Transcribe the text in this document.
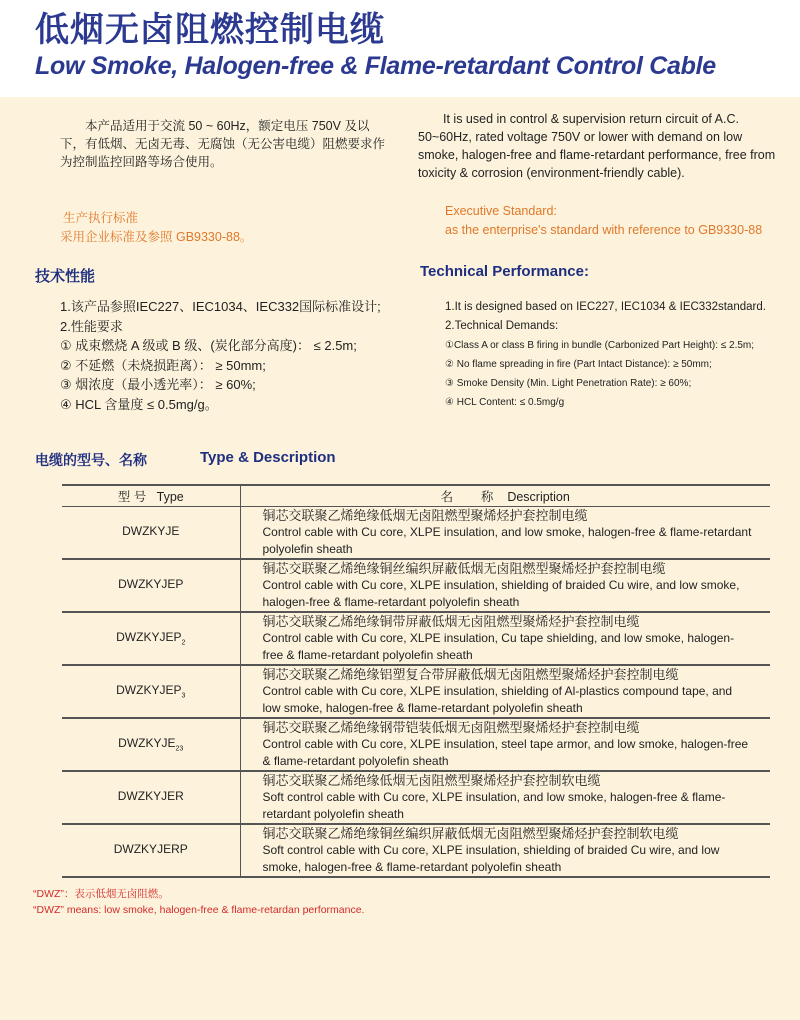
低烟无卤阻燃控制电缆
Low Smoke, Halogen-free & Flame-retardant Control Cable
本产品适用于交流 50 ~ 60Hz，额定电压 750V 及以下，有低烟、无卤无毒、无腐蚀（无公害电缆）阻燃要求作为控制监控回路等场合使用。
It is used in control & supervision return circuit of A.C. 50~60Hz, rated voltage 750V or lower with demand on low smoke, halogen-free and flame-retardant performance, free from toxicity & corrosion (environment-friendly cable).
生产执行标准
采用企业标准及参照 GB9330-88。
Executive Standard:
as the enterprise's standard with reference to GB9330-88
技术性能	Technical Performance:
1.该产品参照IEC227、IEC1034、IEC332国际标准设计;
2.性能要求
① 成束燃烧 A 级或 B 级、(炭化部分高度)： ≤ 2.5m;
② 不延燃（未烧损距离）： ≥ 50mm;
③ 烟浓度（最小透光率）： ≥ 60%;
④ HCL 含量度 ≤ 0.5mg/g。
1.It is designed based on IEC227, IEC1034 & IEC332standard.
2.Technical Demands:
①Class A or class B firing in bundle (Carbonized Part Height): ≤ 2.5m;
② No flame spreading in fire (Part Intact Distance): ≥ 50mm;
③ Smoke Density (Min. Light Penetration Rate): ≥ 60%;
④ HCL Content: ≤ 0.5mg/g
电缆的型号、名称	Type & Description
型 号   Type	名        称    Description
DWZKYJE	铜芯交联聚乙烯绝缘低烟无卤阻燃型聚烯烃护套控制电缆
Control cable with Cu core, XLPE insulation, and low smoke, halogen-free & flame-retardant polyolefin sheath

DWZKYJEP	铜芯交联聚乙烯绝缘铜丝编织屏蔽低烟无卤阻燃型聚烯烃护套控制电缆
Control cable with Cu core, XLPE insulation, shielding of braided Cu wire, and low smoke, halogen-free & flame-retardant polyolefin sheath

$DWZKYJEP_2$	铜芯交联聚乙烯绝缘铜带屏蔽低烟无卤阻燃型聚烯烃护套控制电缆
Control cable with Cu core, XLPE insulation, Cu tape shielding, and low smoke, halogen-free & flame-retardant polyolefin sheath

$DWZKYJEP_3$	铜芯交联聚乙烯绝缘铝塑复合带屏蔽低烟无卤阻燃型聚烯烃护套控制电缆
Control cable with Cu core, XLPE insulation, shielding of Al-plastics compound tape, and low smoke, halogen-free & flame-retardant polyolefin sheath

$DWZKYJE_{23}$	铜芯交联聚乙烯绝缘钢带铠装低烟无卤阻燃型聚烯烃护套控制电缆
Control cable with Cu core, XLPE insulation, steel tape armor, and low smoke, halogen-free & flame-retardant polyolefin sheath

DWZKYJER	铜芯交联聚乙烯绝缘低烟无卤阻燃型聚烯烃护套控制软电缆
Soft control cable with Cu core, XLPE insulation, and low smoke, halogen-free & flame-retardant polyolefin sheath

DWZKYJERP	铜芯交联聚乙烯绝缘铜丝编织屏蔽低烟无卤阻燃型聚烯烃护套控制软电缆
Soft control cable with Cu core, XLPE insulation, shielding of braided Cu wire, and low smoke, halogen-free & flame-retardant polyolefin sheath
“DWZ”：表示低烟无卤阻燃。
“DWZ” means: low smoke, halogen-free & flame-retardan performance.
